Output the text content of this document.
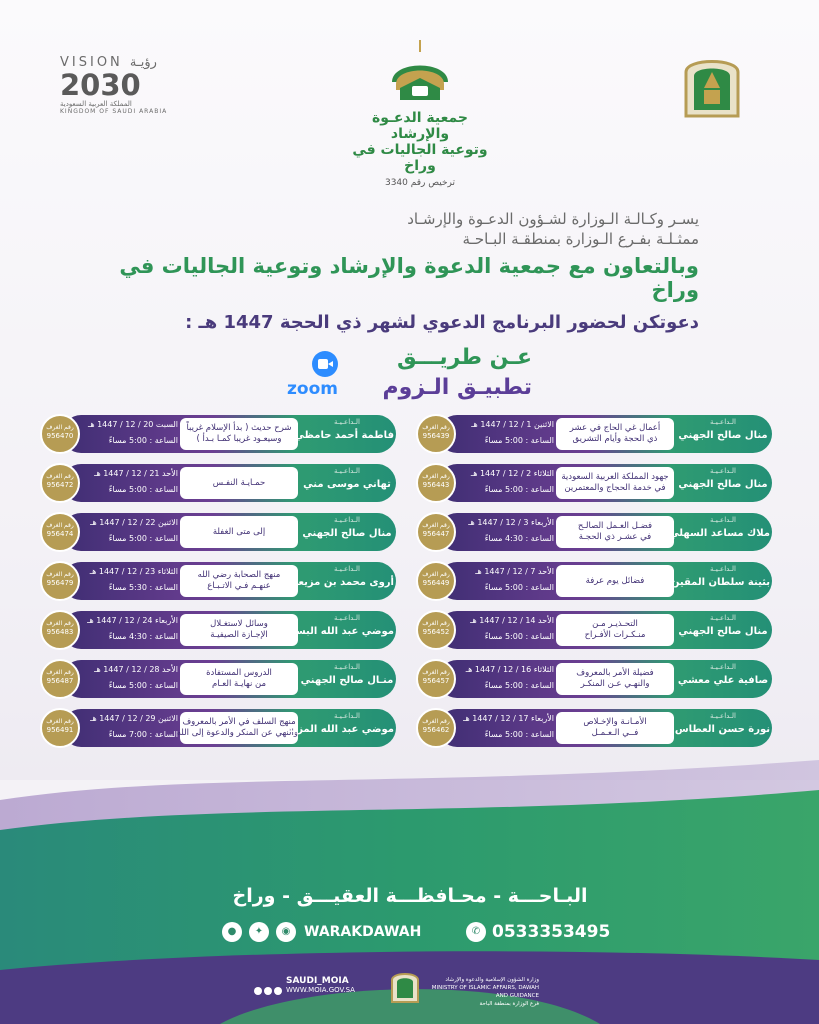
VISION رؤيـة
2030
المملكة العربية السعودية
KINGDOM OF SAUDI ARABIA	جمعية الدعـوة والإرشاد
وتوعية الجاليات في وراخ
ترخيص رقم 3340
يسـر وكـالـة الـوزارة لشـؤون الدعـوة والإرشـاد
ممثـلـة بفـرع الـوزارة بمنطقـة البـاحـة
وبالتعاون مع جمعية الدعوة والإرشاد وتوعية الجاليات في وراخ
دعوتكن لحضور البرنامج الدعوي لشهر ذي الحجة 1447 هـ :
عـن طريـــق
تطبيـق الـزوم
zoom
رقم الغرف
956439
الاثنين 1 / 12 / 1447 هـ
الساعة : 5:00 مساءً
أعمال غي الحاج في عشر
ذي الحجة وأيام التشريق
الـداعـيـة
منال صالح الجهني
رقم الغرف
956443
الثلاثاء 2 / 12 / 1447 هـ
الساعة : 5:00 مساءً
جهود المملكة العربية السعودية
في خدمة الحجاج والمعتمرين
الـداعـيـة
منال صالح الجهني
رقم الغرف
956447
الأربعاء 3 / 12 / 1447 هـ
الساعة : 4:30 مساءً
فضـل العـمل الصالـح
في عشـر ذي الحجـة
الـداعـيـة
ملاك مساعد السهلي
رقم الغرف
956449
الأحد 7 / 12 / 1447 هـ
الساعة : 5:00 مساءً
فضائل يوم عرفة
الـداعـيـة
بثينة سلطان المقين
رقم الغرف
956452
الأحد 14 / 12 / 1447 هـ
الساعة : 5:00 مساءً
التحـذيـر مـن
منـكـرات الأفـراح
الـداعـيـة
منال صالح الجهني
رقم الغرف
956457
الثلاثاء 16 / 12 / 1447 هـ
الساعة : 5:00 مساءً
فضيلة الأمر بالمعروف
والنهـي عـن المنكـر
الـداعـيـة
صافية علي معشي
رقم الغرف
956462
الأربعاء 17 / 12 / 1447 هـ
الساعة : 5:00 مساءً
الأمـانـة والإخـلاص
فــي الـعـمـل
الـداعـيـة
نورة حسن العطاس
رقم الغرف
956470
السبت 20 / 12 / 1447 هـ
الساعة : 5:00 مساءً
شرح حديث ( بدأ الإسلام غريباً
وسيعـود غريبا كمـا بـدأ )
الـداعـيـة
فاطمة أحمد حامظي
رقم الغرف
956472
الأحد 21 / 12 / 1447 هـ
الساعة : 5:00 مساءً
حمـايـة النفـس
الـداعـيـة
تهاني موسى مني
رقم الغرف
956474
الاثنين 22 / 12 / 1447 هـ
الساعة : 5:00 مساءً
إلى متى الغفلة
الـداعـيـة
منال صالح الجهني
رقم الغرف
956479
الثلاثاء 23 / 12 / 1447 هـ
الساعة : 5:30 مساءً
منهج الصحابة رضي الله
عنهـم فـي الاتـبـاع
الـداعـيـة
أروى محمد بن مزيعل
رقم الغرف
956483
الأربعاء 24 / 12 / 1447 هـ
الساعة : 4:30 مساءً
وسائل لاستغـلال
الإجـازة الصيفيـة
الـداعـيـة
موضي عبد الله البسام
رقم الغرف
956487
الأحد 28 / 12 / 1447 هـ
الساعة : 5:00 مساءً
الدروس المستفادة
من نهايـة العـام
الـداعـيـة
منـال صالح الجهني
رقم الغرف
956491
الاثنين 29 / 12 / 1447 هـ
الساعة : 7:00 مساءً
منهج السلف في الأمر بالمعروف
والنهي عن المنكر والدعوة إلى الله
الـداعـيـة
موضي عبد الله المزيد
البـاحـــة - محـافظـــة العقيـــق - وراخ
●	✦	◉ WARAKDAWAH	✆ 0533353495
SAUDI_MOIA
WWW.MOIA.GOV.SA
وزارة الشؤون الإسلامية والدعوة والإرشاد
MINISTRY OF ISLAMIC AFFAIRS, DAWAH AND GUIDANCE
فرع الوزارة بمنطقة الباحة
